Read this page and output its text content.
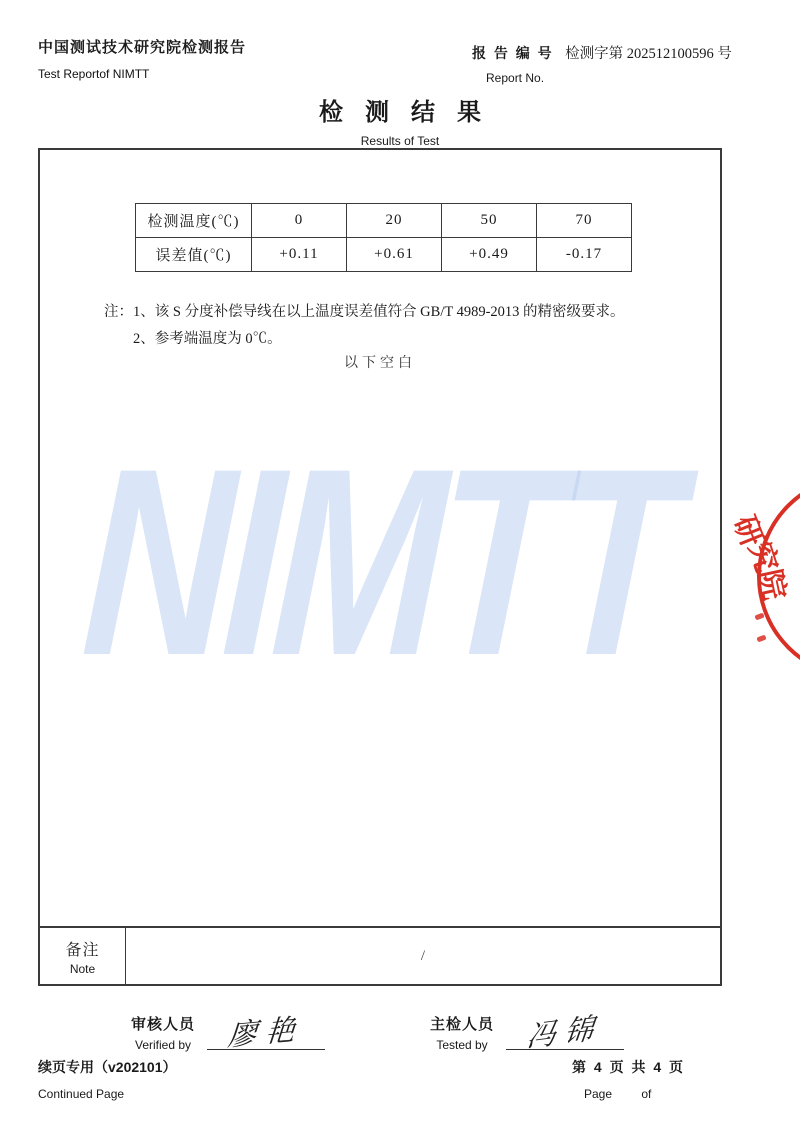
中国测试技术研究院检测报告
Test Reportof NIMTT
报 告 编 号 检测字第 202512100596 号
Report No.
检测结果
Results of Test
NIMTT
检测温度(℃)	0	20	50	70
误差值(℃)	+0.11	+0.61	+0.49	-0.17
注：1、该 S 分度补偿导线在以上温度误差值符合 GB/T 4989-2013 的精密级要求。
2、参考端温度为 0℃。
以下空白
研
究
院
备注
Note
/
审核人员
Verified by 廖艳	主检人员
Tested by 冯锦
续页专用（v202101）
Continued Page
第 4 页 共 4 页
Page of
